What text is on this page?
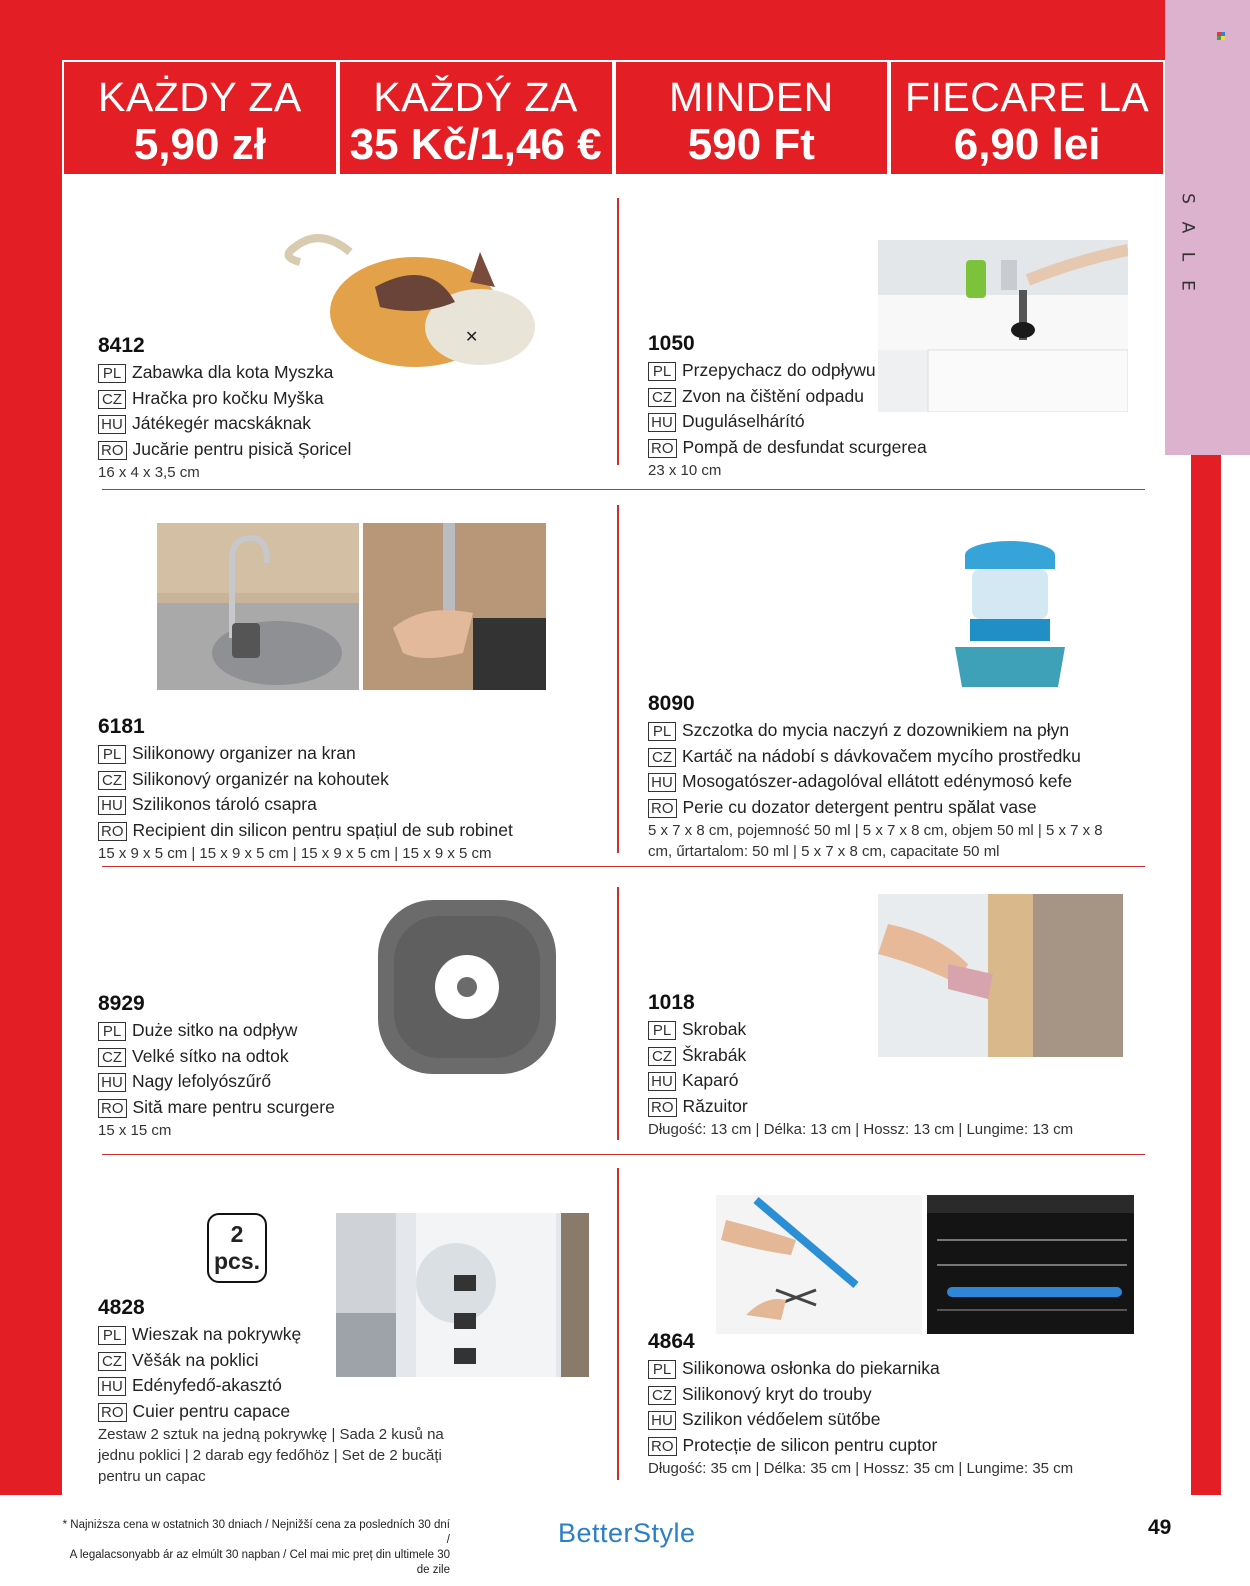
S
A
L
E
KAŻDY ZA
5,90 zł
KAŽDÝ ZA
35 Kč/1,46 €
MINDEN
590 Ft
FIECARE LA
6,90 lei
✕
8412
PL Zabawka dla kota Myszka
CZ Hračka pro kočku Myška
HU Játékegér macskáknak
RO Jucărie pentru pisică Șoricel
16 x 4 x 3,5 cm
1050
PL Przepychacz do odpływu
CZ Zvon na čištění odpadu
HU Duguláselhárító
RO Pompă de desfundat scurgerea
23 x 10 cm
6181
PL Silikonowy organizer na kran
CZ Silikonový organizér na kohoutek
HU Szilikonos tároló csapra
RO Recipient din silicon pentru spațiul de sub robinet
15 x 9 x 5 cm | 15 x 9 x 5 cm | 15 x 9 x 5 cm | 15 x 9 x 5 cm
8090
PL Szczotka do mycia naczyń z dozownikiem na płyn
CZ Kartáč na nádobí s dávkovačem mycího prostředku
HU Mosogatószer-adagolóval ellátott edénymosó kefe
RO Perie cu dozator detergent pentru spălat vase
5 x 7 x 8 cm, pojemność 50 ml | 5 x 7 x 8 cm, objem 50 ml | 5 x 7 x 8
cm, űrtartalom: 50 ml | 5 x 7 x 8 cm, capacitate 50 ml
8929
PL Duże sitko na odpływ
CZ Velké sítko na odtok
HU Nagy lefolyószűrő
RO Sită mare pentru scurgere
15 x 15 cm
1018
PL Skrobak
CZ Škrabák
HU Kaparó
RO Răzuitor
Długość: 13 cm | Délka: 13 cm | Hossz: 13 cm | Lungime: 13 cm
2
pcs.
4828
PL Wieszak na pokrywkę
CZ Věšák na poklici
HU Edényfedő-akasztó
RO Cuier pentru capace
Zestaw 2 sztuk na jedną pokrywkę | Sada 2 kusů na
jednu poklici | 2 darab egy fedőhöz | Set de 2 bucăți
pentru un capac
4864
PL Silikonowa osłonka do piekarnika
CZ Silikonový kryt do trouby
HU Szilikon védőelem sütőbe
RO Protecție de silicon pentru cuptor
Długość: 35 cm | Délka: 35 cm | Hossz: 35 cm | Lungime: 35 cm
* Najniższa cena w ostatnich 30 dniach / Nejnižší cena za posledních 30 dní /
A legalacsonyabb ár az elmúlt 30 napban / Cel mai mic preț din ultimele 30 de zile
BetterStyle	49
